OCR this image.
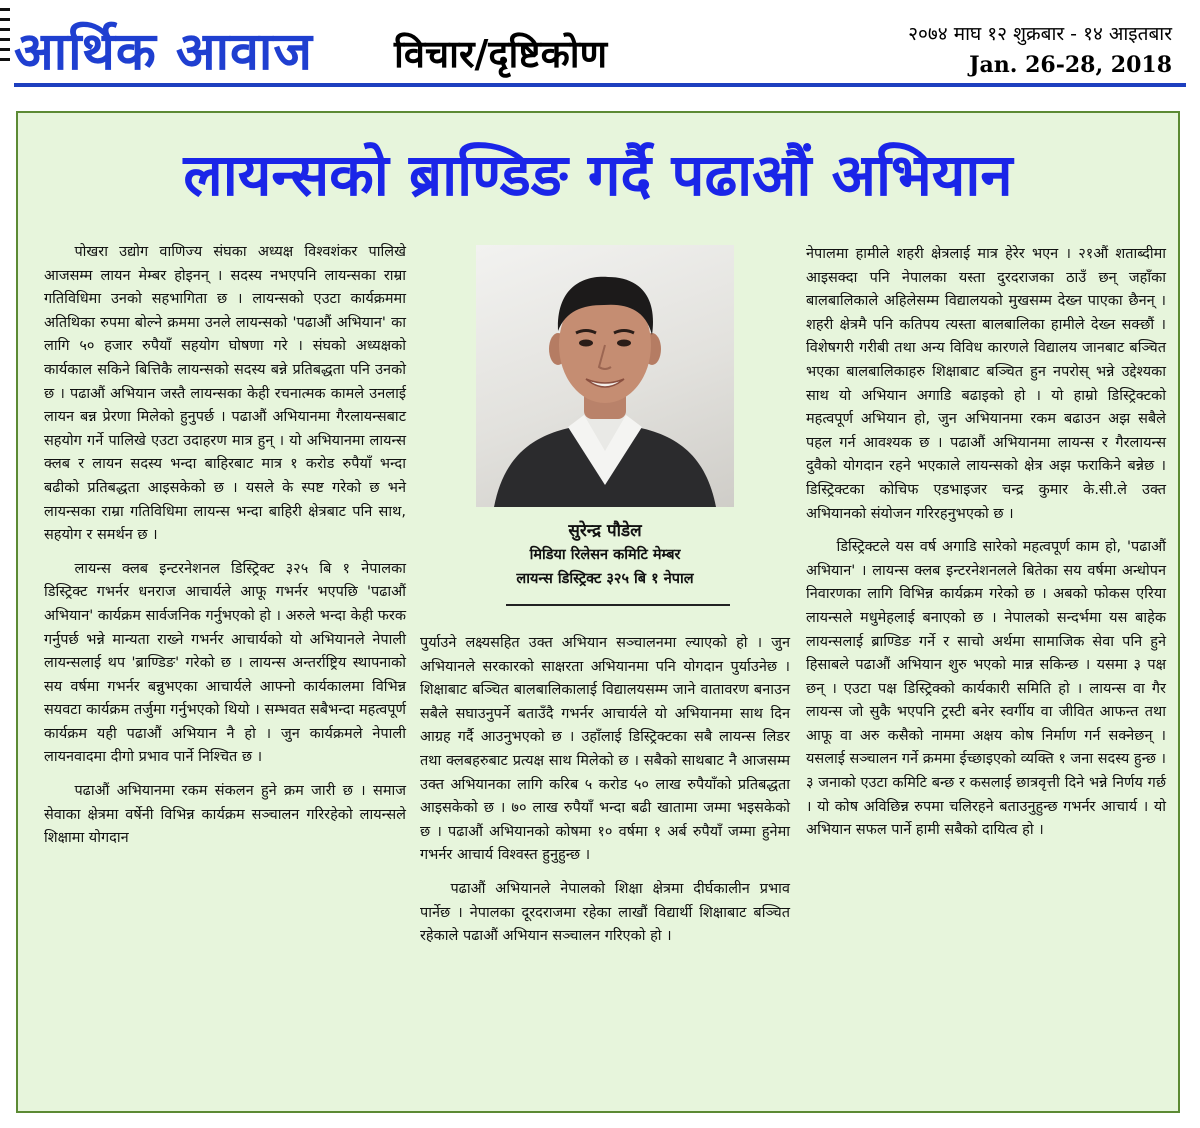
आर्थिक आवाज विचार/दृष्टिकोण	२०७४ माघ १२ शुक्रबार - १४ आइतबार
Jan. 26-28, 2018
लायन्सको ब्राण्डिङ गर्दै पढाऔं अभियान

पोखरा उद्योग वाणिज्य संघका अध्यक्ष विश्वशंकर पालिखे आजसम्म लायन मेम्बर होइनन् । सदस्य नभएपनि लायन्सका राम्रा गतिविधिमा उनको सहभागिता छ । लायन्सको एउटा कार्यक्रममा अतिथिका रुपमा बोल्ने क्रममा उनले लायन्सको 'पढाऔं अभियान' का लागि ५० हजार रुपैयाँ सहयोग घोषणा गरे । संघको अध्यक्षको कार्यकाल सकिने बित्तिकै लायन्सको सदस्य बन्ने प्रतिबद्धता पनि उनको छ । पढाऔं अभियान जस्तै लायन्सका केही रचनात्मक कामले उनलाई लायन बन्न प्रेरणा मिलेको हुनुपर्छ । पढाऔं अभियानमा गैरलायन्सबाट सहयोग गर्ने पालिखे एउटा उदाहरण मात्र हुन् । यो अभियानमा लायन्स क्लब र लायन सदस्य भन्दा बाहिरबाट मात्र १ करोड रुपैयाँ भन्दा बढीको प्रतिबद्धता आइसकेको छ । यसले के स्पष्ट गरेको छ भने लायन्सका राम्रा गतिविधिमा लायन्स भन्दा बाहिरी क्षेत्रबाट पनि साथ, सहयोग र समर्थन छ ।

लायन्स क्लब इन्टरनेशनल डिस्ट्रिक्ट ३२५ बि १ नेपालका डिस्ट्रिक्ट गभर्नर धनराज आचार्यले आफू गभर्नर भएपछि 'पढाऔं अभियान' कार्यक्रम सार्वजनिक गर्नुभएको हो । अरुले भन्दा केही फरक गर्नुपर्छ भन्ने मान्यता राख्ने गभर्नर आचार्यको यो अभियानले नेपाली लायन्सलाई थप 'ब्राण्डिङ' गरेको छ । लायन्स अन्तर्राष्ट्रिय स्थापनाको सय वर्षमा गभर्नर बन्नुभएका आचार्यले आफ्नो कार्यकालमा विभिन्न सयवटा कार्यक्रम तर्जुमा गर्नुभएको थियो । सम्भवत सबैभन्दा महत्वपूर्ण कार्यक्रम यही पढाऔं अभियान नै हो । जुन कार्यक्रमले नेपाली लायनवादमा दीगो प्रभाव पार्ने निश्चित छ ।

पढाऔं अभियानमा रकम संकलन हुने क्रम जारी छ । समाज सेवाका क्षेत्रमा वर्षेनी विभिन्न कार्यक्रम सञ्चालन गरिरहेको लायन्सले शिक्षामा योगदान

सुरेन्द्र पौडेल
मिडिया रिलेसन कमिटि मेम्बर
लायन्स डिस्ट्रिक्ट ३२५ बि १ नेपाल

पुर्याउने लक्ष्यसहित उक्त अभियान सञ्चालनमा ल्याएको हो । जुन अभियानले सरकारको साक्षरता अभियानमा पनि योगदान पुर्याउनेछ । शिक्षाबाट बञ्चित बालबालिकालाई विद्यालयसम्म जाने वातावरण बनाउन सबैले सघाउनुपर्ने बताउँदै गभर्नर आचार्यले यो अभियानमा साथ दिन आग्रह गर्दै आउनुभएको छ । उहाँलाई डिस्ट्रिक्टका सबै लायन्स लिडर तथा क्लबहरुबाट प्रत्यक्ष साथ मिलेको छ । सबैको साथबाट नै आजसम्म उक्त अभियानका लागि करिब ५ करोड ५० लाख रुपैयाँको प्रतिबद्धता आइसकेको छ । ७० लाख रुपैयाँ भन्दा बढी खातामा जम्मा भइसकेको छ । पढाऔं अभियानको कोषमा १० वर्षमा १ अर्ब रुपैयाँ जम्मा हुनेमा गभर्नर आचार्य विश्वस्त हुनुहुन्छ ।

पढाऔं अभियानले नेपालको शिक्षा क्षेत्रमा दीर्घकालीन प्रभाव पार्नेछ । नेपालका दूरदराजमा रहेका लाखौं विद्यार्थी शिक्षाबाट बञ्चित रहेकाले पढाऔं अभियान सञ्चालन गरिएको हो ।

नेपालमा हामीले शहरी क्षेत्रलाई मात्र हेरेर भएन । २१औं शताब्दीमा आइसक्दा पनि नेपालका यस्ता दुरदराजका ठाउँ छन् जहाँका बालबालिकाले अहिलेसम्म विद्यालयको मुखसम्म देख्न पाएका छैनन् । शहरी क्षेत्रमै पनि कतिपय त्यस्ता बालबालिका हामीले देख्न सक्छौं । विशेषगरी गरीबी तथा अन्य विविध कारणले विद्यालय जानबाट बञ्चित भएका बालबालिकाहरु शिक्षाबाट बञ्चित हुन नपरोस् भन्ने उद्देश्यका साथ यो अभियान अगाडि बढाइको हो । यो हाम्रो डिस्ट्रिक्टको महत्वपूर्ण अभियान हो, जुन अभियानमा रकम बढाउन अझ सबैले पहल गर्न आवश्यक छ । पढाऔं अभियानमा लायन्स र गैरलायन्स दुवैको योगदान रहने भएकाले लायन्सको क्षेत्र अझ फराकिने बन्नेछ । डिस्ट्रिक्टका कोचिफ एडभाइजर चन्द्र कुमार के.सी.ले उक्त अभियानको संयोजन गरिरहनुभएको छ ।

डिस्ट्रिक्टले यस वर्ष अगाडि सारेको महत्वपूर्ण काम हो, 'पढाऔं अभियान' । लायन्स क्लब इन्टरनेशनलले बितेका सय वर्षमा अन्धोपन निवारणका लागि विभिन्न कार्यक्रम गरेको छ । अबको फोकस एरिया लायन्सले मधुमेहलाई बनाएको छ । नेपालको सन्दर्भमा यस बाहेक लायन्सलाई ब्राण्डिङ गर्ने र साचो अर्थमा सामाजिक सेवा पनि हुने हिसाबले पढाऔं अभियान शुरु भएको मान्न सकिन्छ । यसमा ३ पक्ष छन् । एउटा पक्ष डिस्ट्रिक्को कार्यकारी समिति हो । लायन्स वा गैर लायन्स जो सुकै भएपनि ट्रस्टी बनेर स्वर्गीय वा जीवित आफन्त तथा आफू वा अरु कसैको नाममा अक्षय कोष निर्माण गर्न सक्नेछन् । यसलाई सञ्चालन गर्ने क्रममा ईच्छाइएको व्यक्ति १ जना सदस्य हुन्छ । ३ जनाको एउटा कमिटि बन्छ र कसलाई छात्रवृत्ती दिने भन्ने निर्णय गर्छ । यो कोष अविछिन्न रुपमा चलिरहने बताउनुहुन्छ गभर्नर आचार्य । यो अभियान सफल पार्ने हामी सबैको दायित्व हो ।
